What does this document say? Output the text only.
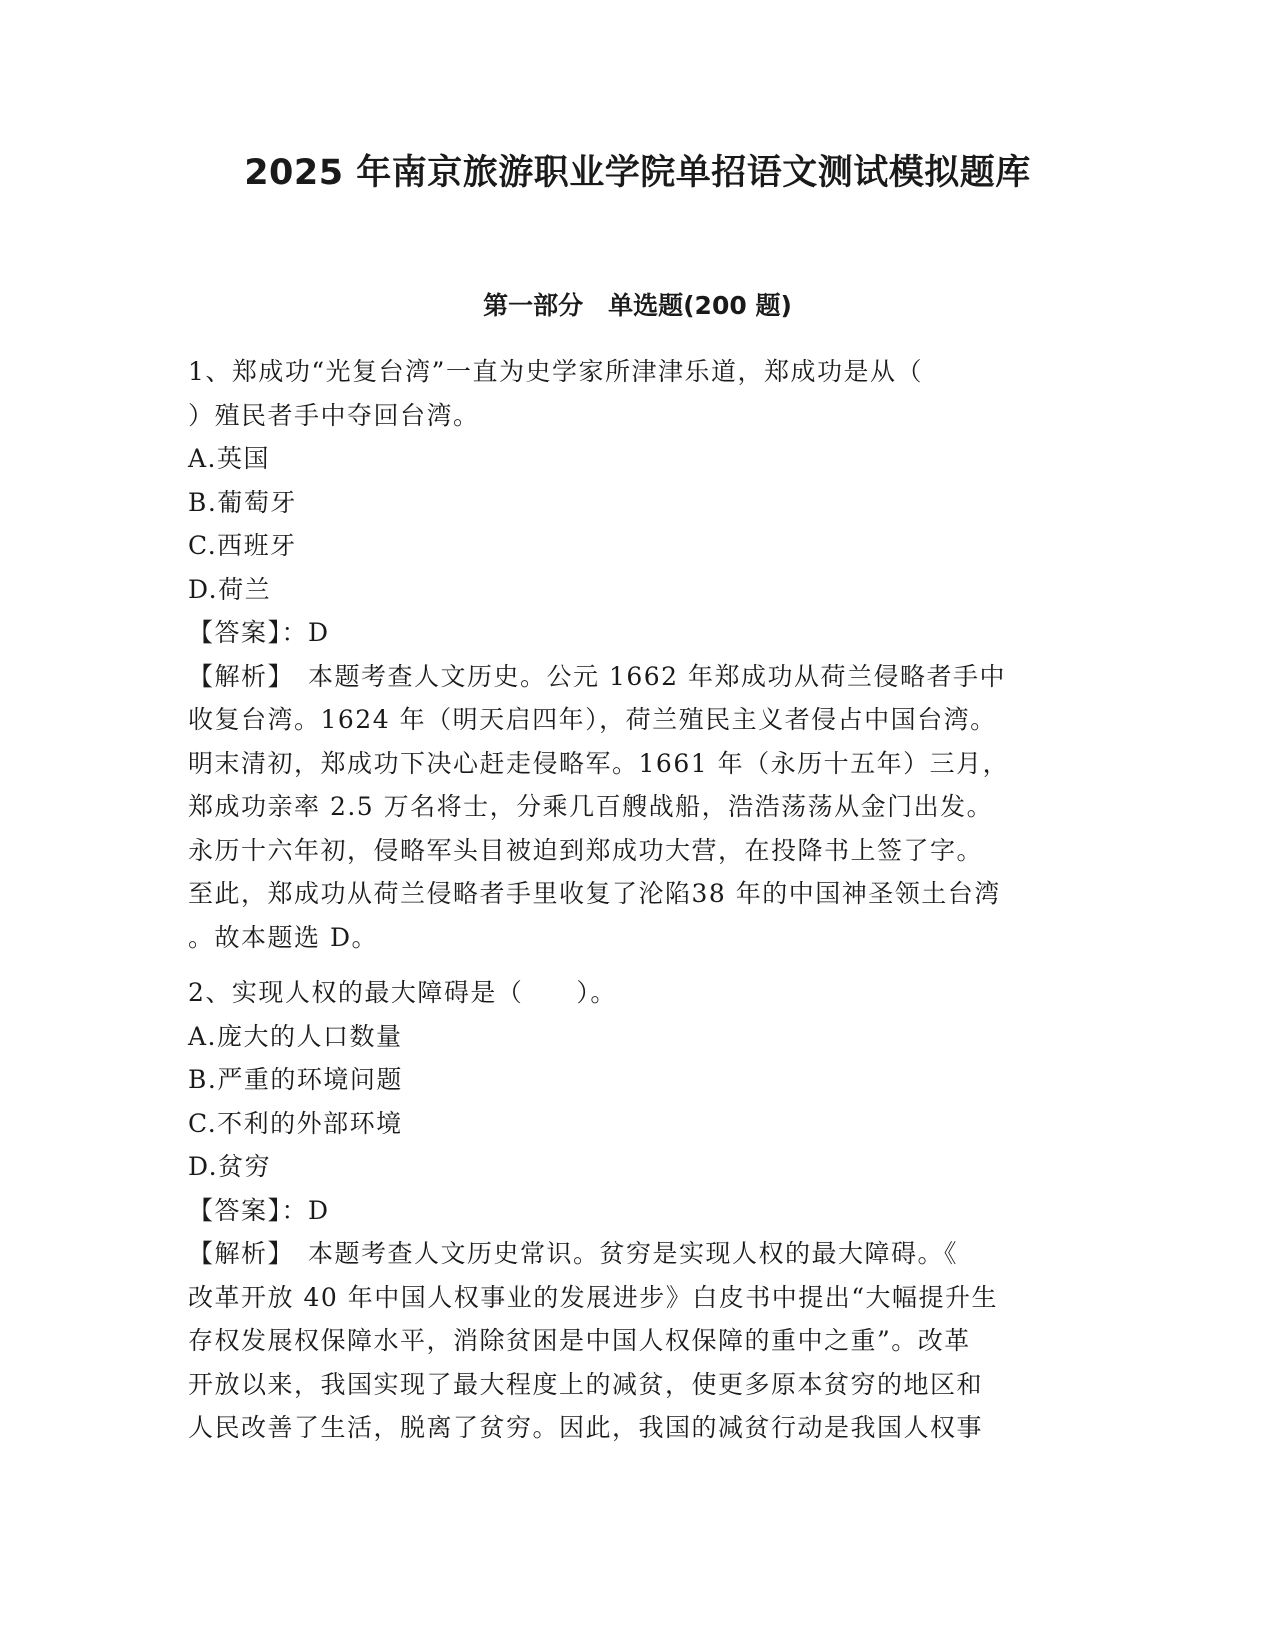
2025 年南京旅游职业学院单招语文测试模拟题库
第一部分　单选题(200 题)
1、郑成功“光复台湾”一直为史学家所津津乐道，郑成功是从（
）殖民者手中夺回台湾。
A.英国
B.葡萄牙
C.西班牙
D.荷兰
【答案】：D
【解析】　本题考查人文历史。公元 1662 年郑成功从荷兰侵略者手中
收复台湾。1624 年（明天启四年），荷兰殖民主义者侵占中国台湾。
明末清初，郑成功下决心赶走侵略军。1661 年（永历十五年）三月，
郑成功亲率 2.5 万名将士，分乘几百艘战船，浩浩荡荡从金门出发。
永历十六年初，侵略军头目被迫到郑成功大营，在投降书上签了字。
至此，郑成功从荷兰侵略者手里收复了沦陷38 年的中国神圣领土台湾
。故本题选 D。
2、实现人权的最大障碍是（　　）。
A.庞大的人口数量
B.严重的环境问题
C.不利的外部环境
D.贫穷
【答案】：D
【解析】　本题考查人文历史常识。贫穷是实现人权的最大障碍。《
改革开放 40 年中国人权事业的发展进步》白皮书中提出“大幅提升生
存权发展权保障水平，消除贫困是中国人权保障的重中之重”。改革
开放以来，我国实现了最大程度上的减贫，使更多原本贫穷的地区和
人民改善了生活，脱离了贫穷。因此，我国的减贫行动是我国人权事
